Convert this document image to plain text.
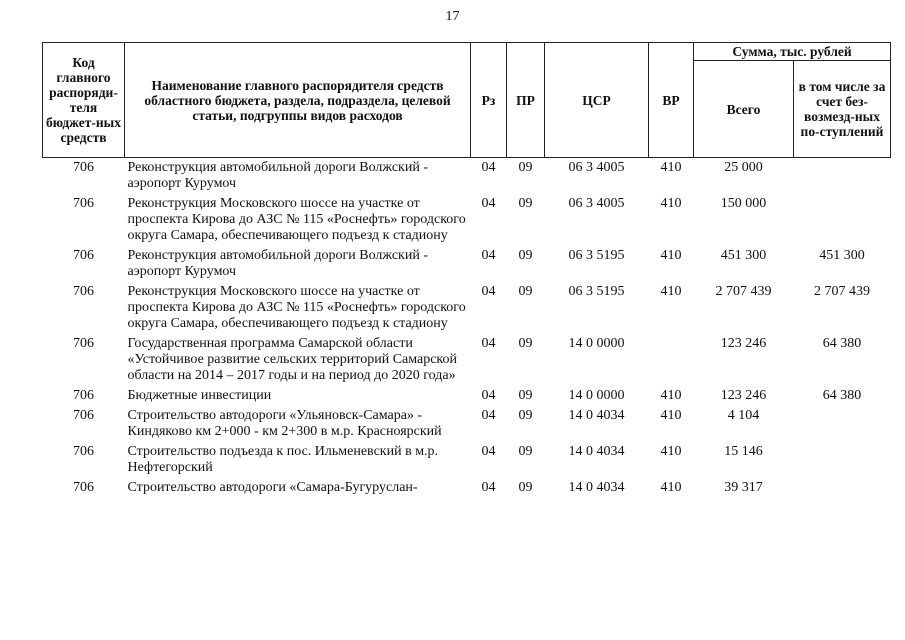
17
Код главного распоряди-теля бюджет-ных средств	Наименование главного распорядителя средств областного бюджета, раздела, подраздела, целевой статьи, подгруппы видов расходов	Рз	ПР	ЦСР	ВР	Сумма, тыс. рублей	
						Всего	в том числе за счет без-возмезд-ных по-ступлений
706	Реконструкция автомобильной дороги Волжский - аэропорт Курумоч	04	09	06 3 4005	410	25 000	
706	Реконструкция Московского шоссе на участке от проспекта Кирова до АЗС № 115 «Роснефть» городского округа Самара, обеспечивающего подъезд к стадиону	04	09	06 3 4005	410	150 000	
706	Реконструкция автомобильной дороги Волжский - аэропорт Курумоч	04	09	06 3 5195	410	451 300	451 300
706	Реконструкция Московского шоссе на участке от проспекта Кирова до АЗС № 115 «Роснефть» городского округа Самара, обеспечивающего подъезд к стадиону	04	09	06 3 5195	410	2 707 439	2 707 439
706	Государственная программа Самарской области «Устойчивое развитие сельских территорий Самарской области на 2014 – 2017 годы и на период до 2020 года»	04	09	14 0 0000		123 246	64 380
706	Бюджетные инвестиции	04	09	14 0 0000	410	123 246	64 380
706	Строительство автодороги «Ульяновск-Самара» - Киндяково км 2+000 - км 2+300 в м.р. Красноярский	04	09	14 0 4034	410	4 104	
706	Строительство подъезда к пос. Ильменевский в м.р. Нефтегорский	04	09	14 0 4034	410	15 146	
706	Строительство автодороги «Самара-Бугуруслан-	04	09	14 0 4034	410	39 317	
